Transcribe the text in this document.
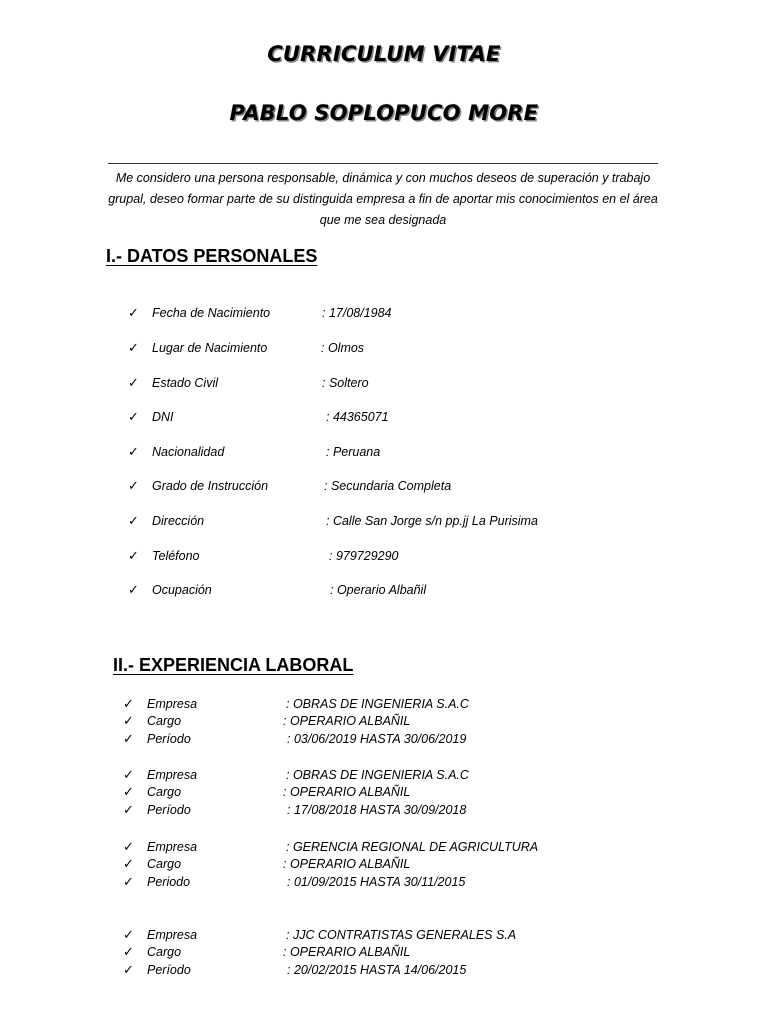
CURRICULUM VITAE
PABLO SOPLOPUCO MORE
Me considero una persona responsable, dinámica y con muchos deseos de superación y trabajo grupal, deseo formar parte de su distinguida empresa a fin de aportar mis conocimientos en el área que me sea designada
I.- DATOS PERSONALES
✓ Fecha de Nacimiento	: 17/08/1984
✓ Lugar de Nacimiento	: Olmos
✓ Estado Civil	: Soltero
✓ DNI	: 44365071
✓ Nacionalidad	: Peruana
✓ Grado de Instrucción	: Secundaria Completa
✓ Dirección	: Calle San Jorge s/n pp.jj La Purisima
✓ Teléfono	: 979729290
✓ Ocupación	: Operario Albañil
II.- EXPERIENCIA LABORAL
✓ Empresa	: OBRAS DE INGENIERIA S.A.C
✓ Cargo	: OPERARIO ALBAÑIL
✓ Período	: 03/06/2019 HASTA 30/06/2019
✓ Empresa	: OBRAS DE INGENIERIA S.A.C
✓ Cargo	: OPERARIO ALBAÑIL
✓ Período	: 17/08/2018 HASTA 30/09/2018
✓ Empresa	: GERENCIA REGIONAL DE AGRICULTURA
✓ Cargo	: OPERARIO ALBAÑIL
✓ Periodo	: 01/09/2015 HASTA 30/11/2015
✓ Empresa	: JJC CONTRATISTAS GENERALES S.A
✓ Cargo	: OPERARIO ALBAÑIL
✓ Período	: 20/02/2015 HASTA 14/06/2015
